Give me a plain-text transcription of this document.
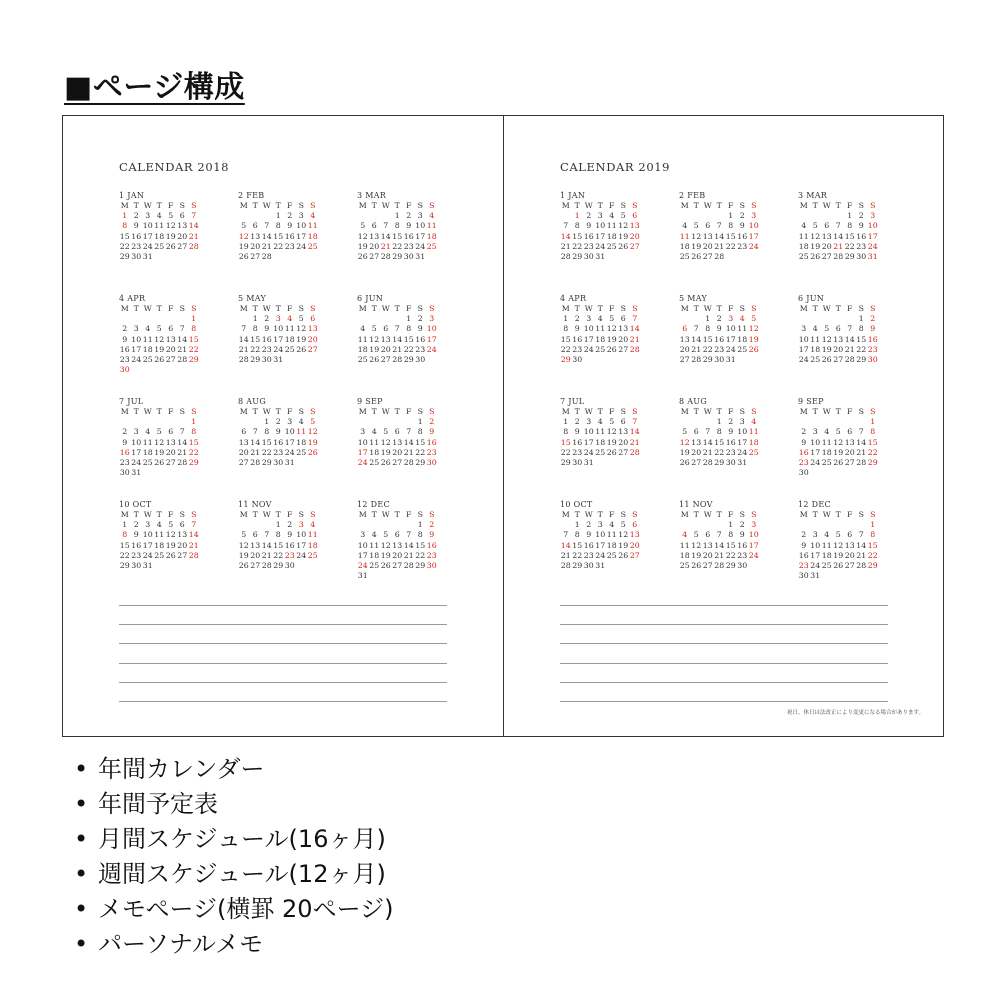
■ページ構成
CALENDAR 2018
1 JAN
M T W T F S S
1 2 3 4 5 6 7
8 9 10 11 12 13 14
15 16 17 18 19 20 21
22 23 24 25 26 27 28
29 30 31
2 FEB
M T W T F S S
1 2 3 4
5 6 7 8 9 10 11
12 13 14 15 16 17 18
19 20 21 22 23 24 25
26 27 28
3 MAR
M T W T F S S
1 2 3 4
5 6 7 8 9 10 11
12 13 14 15 16 17 18
19 20 21 22 23 24 25
26 27 28 29 30 31
4 APR
M T W T F S S
1
2 3 4 5 6 7 8
9 10 11 12 13 14 15
16 17 18 19 20 21 22
23 24 25 26 27 28 29
30
5 MAY
M T W T F S S
1 2 3 4 5 6
7 8 9 10 11 12 13
14 15 16 17 18 19 20
21 22 23 24 25 26 27
28 29 30 31
6 JUN
M T W T F S S
1 2 3
4 5 6 7 8 9 10
11 12 13 14 15 16 17
18 19 20 21 22 23 24
25 26 27 28 29 30
7 JUL
M T W T F S S
1
2 3 4 5 6 7 8
9 10 11 12 13 14 15
16 17 18 19 20 21 22
23 24 25 26 27 28 29
30 31
8 AUG
M T W T F S S
1 2 3 4 5
6 7 8 9 10 11 12
13 14 15 16 17 18 19
20 21 22 23 24 25 26
27 28 29 30 31
9 SEP
M T W T F S S
1 2
3 4 5 6 7 8 9
10 11 12 13 14 15 16
17 18 19 20 21 22 23
24 25 26 27 28 29 30
10 OCT
M T W T F S S
1 2 3 4 5 6 7
8 9 10 11 12 13 14
15 16 17 18 19 20 21
22 23 24 25 26 27 28
29 30 31
11 NOV
M T W T F S S
1 2 3 4
5 6 7 8 9 10 11
12 13 14 15 16 17 18
19 20 21 22 23 24 25
26 27 28 29 30
12 DEC
M T W T F S S
1 2
3 4 5 6 7 8 9
10 11 12 13 14 15 16
17 18 19 20 21 22 23
24 25 26 27 28 29 30
31
CALENDAR 2019
1 JAN
M T W T F S S
1 2 3 4 5 6
7 8 9 10 11 12 13
14 15 16 17 18 19 20
21 22 23 24 25 26 27
28 29 30 31
2 FEB
M T W T F S S
1 2 3
4 5 6 7 8 9 10
11 12 13 14 15 16 17
18 19 20 21 22 23 24
25 26 27 28
3 MAR
M T W T F S S
1 2 3
4 5 6 7 8 9 10
11 12 13 14 15 16 17
18 19 20 21 22 23 24
25 26 27 28 29 30 31
4 APR
M T W T F S S
1 2 3 4 5 6 7
8 9 10 11 12 13 14
15 16 17 18 19 20 21
22 23 24 25 26 27 28
29 30
5 MAY
M T W T F S S
1 2 3 4 5
6 7 8 9 10 11 12
13 14 15 16 17 18 19
20 21 22 23 24 25 26
27 28 29 30 31
6 JUN
M T W T F S S
1 2
3 4 5 6 7 8 9
10 11 12 13 14 15 16
17 18 19 20 21 22 23
24 25 26 27 28 29 30
7 JUL
M T W T F S S
1 2 3 4 5 6 7
8 9 10 11 12 13 14
15 16 17 18 19 20 21
22 23 24 25 26 27 28
29 30 31
8 AUG
M T W T F S S
1 2 3 4
5 6 7 8 9 10 11
12 13 14 15 16 17 18
19 20 21 22 23 24 25
26 27 28 29 30 31
9 SEP
M T W T F S S
1
2 3 4 5 6 7 8
9 10 11 12 13 14 15
16 17 18 19 20 21 22
23 24 25 26 27 28 29
30
10 OCT
M T W T F S S
1 2 3 4 5 6
7 8 9 10 11 12 13
14 15 16 17 18 19 20
21 22 23 24 25 26 27
28 29 30 31
11 NOV
M T W T F S S
1 2 3
4 5 6 7 8 9 10
11 12 13 14 15 16 17
18 19 20 21 22 23 24
25 26 27 28 29 30
12 DEC
M T W T F S S
1
2 3 4 5 6 7 8
9 10 11 12 13 14 15
16 17 18 19 20 21 22
23 24 25 26 27 28 29
30 31
祝日、休日は法改正により変更になる場合があります。
• 年間カレンダー
• 年間予定表
• 月間スケジュール(16ヶ月)
• 週間スケジュール(12ヶ月)
• メモページ(横罫 20ページ)
• パーソナルメモ
